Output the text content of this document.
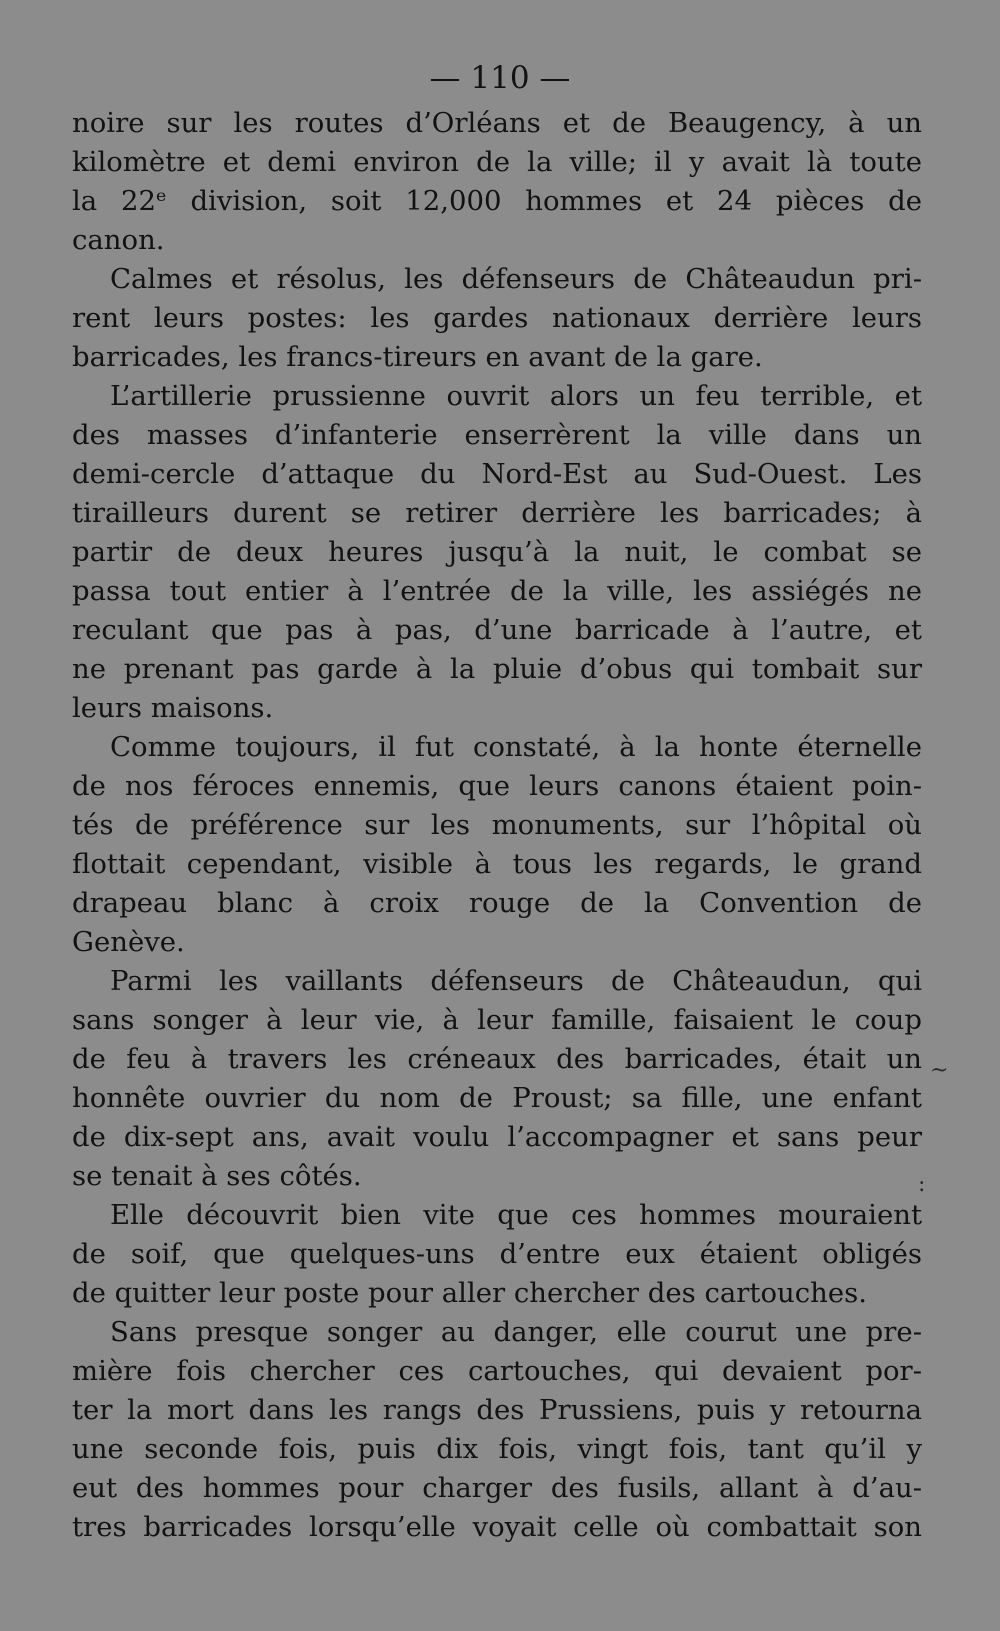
— 110 —
noire sur les routes d’Orléans et de Beaugency, à un
kilomètre et demi environ de la ville; il y avait là toute
la 22ᵉ division, soit 12,000 hommes et 24 pièces de
canon.
Calmes et résolus, les défenseurs de Châteaudun pri-
rent leurs postes: les gardes nationaux derrière leurs
barricades, les francs-tireurs en avant de la gare.
L’artillerie prussienne ouvrit alors un feu terrible, et
des masses d’infanterie enserrèrent la ville dans un
demi-cercle d’attaque du Nord-Est au Sud-Ouest. Les
tirailleurs durent se retirer derrière les barricades; à
partir de deux heures jusqu’à la nuit, le combat se
passa tout entier à l’entrée de la ville, les assiégés ne
reculant que pas à pas, d’une barricade à l’autre, et
ne prenant pas garde à la pluie d’obus qui tombait sur
leurs maisons.
Comme toujours, il fut constaté, à la honte éternelle
de nos féroces ennemis, que leurs canons étaient poin-
tés de préférence sur les monuments, sur l’hôpital où
flottait cependant, visible à tous les regards, le grand
drapeau blanc à croix rouge de la Convention de
Genève.
Parmi les vaillants défenseurs de Châteaudun, qui
sans songer à leur vie, à leur famille, faisaient le coup
de feu à travers les créneaux des barricades, était un
honnête ouvrier du nom de Proust; sa fille, une enfant
de dix-sept ans, avait voulu l’accompagner et sans peur
se tenait à ses côtés.
Elle découvrit bien vite que ces hommes mouraient
de soif, que quelques-uns d’entre eux étaient obligés
de quitter leur poste pour aller chercher des cartouches.
Sans presque songer au danger, elle courut une pre-
mière fois chercher ces cartouches, qui devaient por-
ter la mort dans les rangs des Prussiens, puis y retourna
une seconde fois, puis dix fois, vingt fois, tant qu’il y
eut des hommes pour charger des fusils, allant à d’au-
tres barricades lorsqu’elle voyait celle où combattait son
~
:
